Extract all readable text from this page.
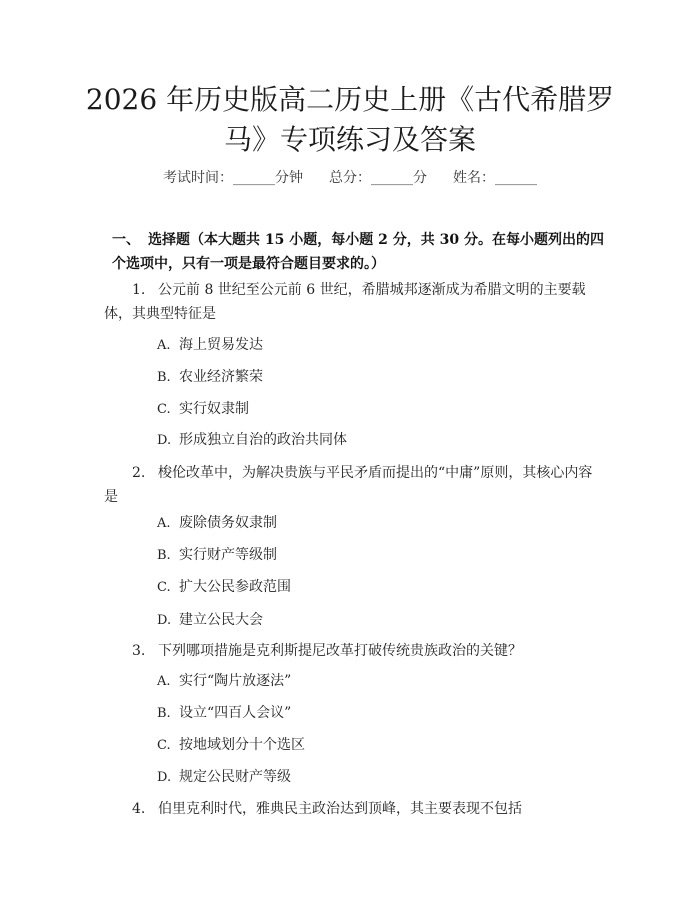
2026 年历史版高二历史上册《古代希腊罗
马》专项练习及答案
考试时间：______分钟 总分：______分 姓名：______
一、 选择题（本大题共 15 小题，每小题 2 分，共 30 分。在每小题列出的四个选项中，只有一项是最符合题目要求的。）
1. 公元前 8 世纪至公元前 6 世纪，希腊城邦逐渐成为希腊文明的主要载体，其典型特征是
A. 海上贸易发达
B. 农业经济繁荣
C. 实行奴隶制
D. 形成独立自治的政治共同体
2. 梭伦改革中，为解决贵族与平民矛盾而提出的“中庸”原则，其核心内容是
A. 废除债务奴隶制
B. 实行财产等级制
C. 扩大公民参政范围
D. 建立公民大会
3. 下列哪项措施是克利斯提尼改革打破传统贵族政治的关键？
A. 实行“陶片放逐法”
B. 设立“四百人会议”
C. 按地域划分十个选区
D. 规定公民财产等级
4. 伯里克利时代，雅典民主政治达到顶峰，其主要表现不包括
